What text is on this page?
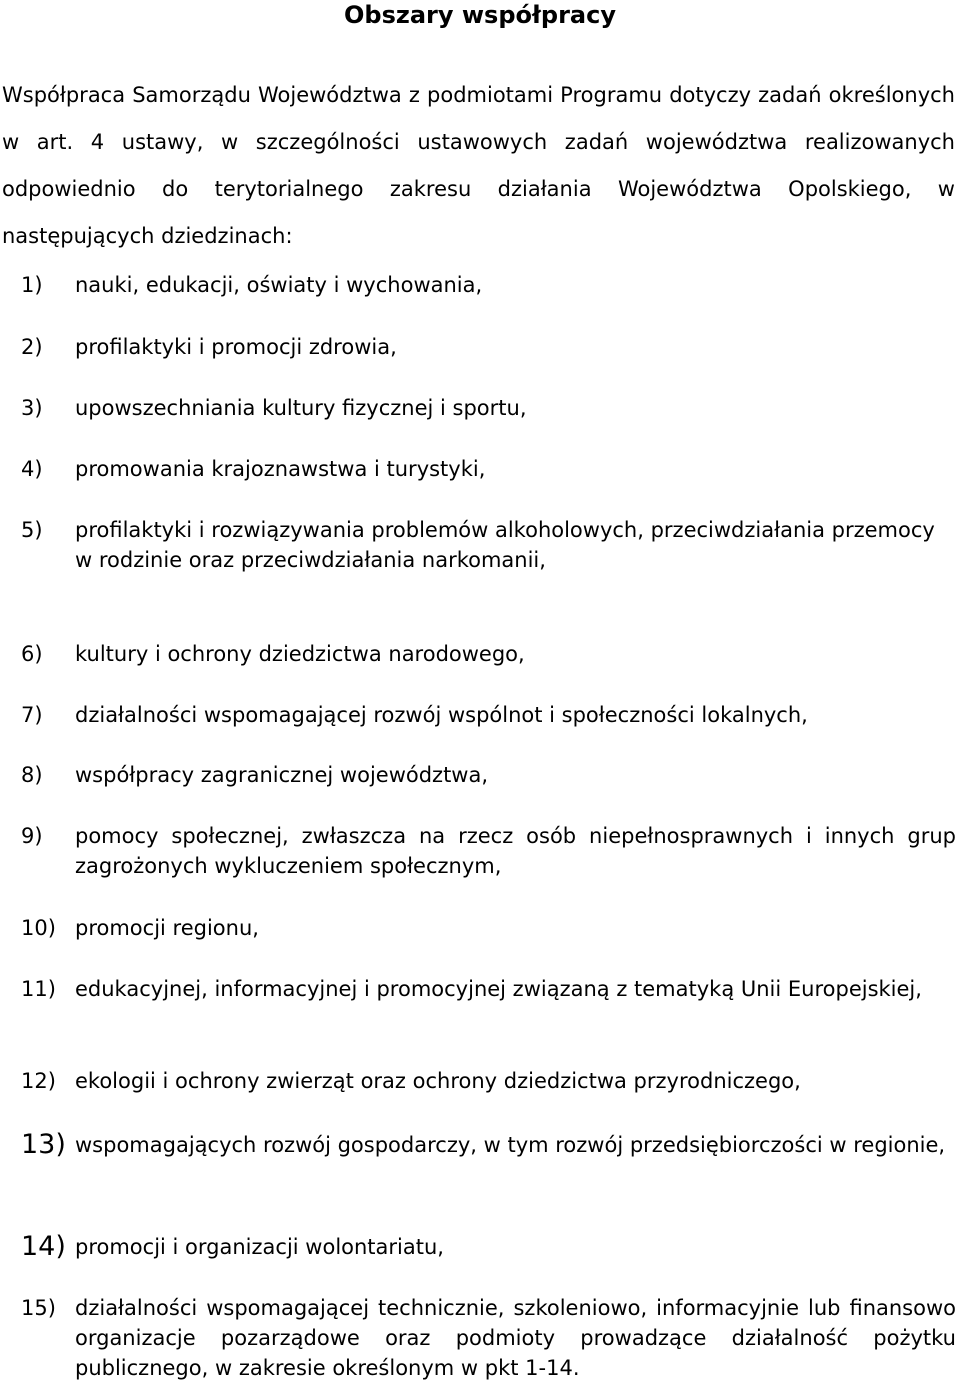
Obszary współpracy

Współpraca Samorządu Województwa z podmiotami Programu dotyczy zadań określonych w art. 4 ustawy, w szczególności ustawowych zadań województwa realizowanych odpowiednio do terytorialnego zakresu działania Województwa Opolskiego, w następujących dziedzinach:

1) nauki, edukacji, oświaty i wychowania,
2) profilaktyki i promocji zdrowia,
3) upowszechniania kultury fizycznej i sportu,
4) promowania krajoznawstwa i turystyki,
5) profilaktyki i rozwiązywania problemów alkoholowych, przeciwdziałania przemocy
w rodzinie oraz przeciwdziałania narkomanii,
6) kultury i ochrony dziedzictwa narodowego,
7) działalności wspomagającej rozwój wspólnot i społeczności lokalnych,
8) współpracy zagranicznej województwa,
9) pomocy społecznej, zwłaszcza na rzecz osób niepełnosprawnych i innych grup zagrożonych wykluczeniem społecznym,
10) promocji regionu,
11) edukacyjnej, informacyjnej i promocyjnej związaną z tematyką Unii Europejskiej,
12) ekologii i ochrony zwierząt oraz ochrony dziedzictwa przyrodniczego,
13) wspomagających rozwój gospodarczy, w tym rozwój przedsiębiorczości w regionie,
14) promocji i organizacji wolontariatu,
15) działalności wspomagającej technicznie, szkoleniowo, informacyjnie lub finansowo organizacje pozarządowe oraz podmioty prowadzące działalność pożytku publicznego, w zakresie określonym w pkt 1-14.
